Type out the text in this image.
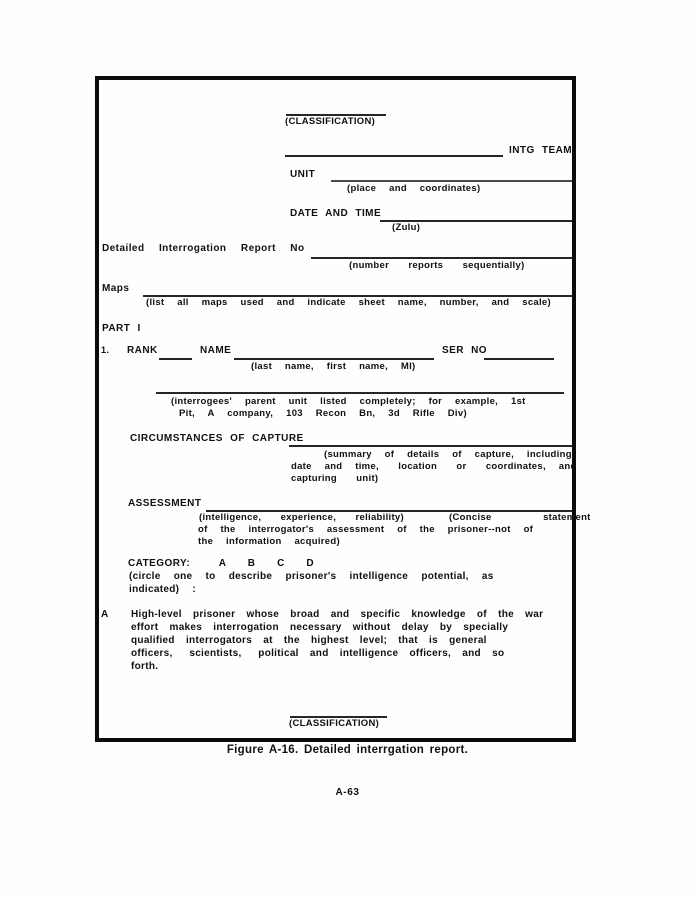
(CLASSIFICATION)
INTG TEAM
UNIT
(place  and  coordinates)
DATE AND TIME
(Zulu)
Detailed  Interrogation  Report  No
(number   reports   sequentially)
Maps
(list  all  maps  used  and  indicate  sheet  name,  number,  and  scale)
PART I
1. RANK	NAME	SER NO
(last  name,  first  name,  MI)
(interrogees'  parent  unit  listed  completely;  for  example,  1st
Pit,  A  company,  103  Recon  Bn,  3d  Rifle  Div)
CIRCUMSTANCES OF CAPTURE
(summary  of  details  of  capture,  including
date  and  time,   location   or   coordinates,  and
capturing   unit)
ASSESSMENT
(intelligence,   experience,   reliability)       (Concise        statement
of  the  interrogator's  assessment  of  the  prisoner--not  of
the  information  acquired)
CATEGORY:    A   B   C   D
(circle  one  to  describe  prisoner's  intelligence  potential,  as
indicated)  :
A High-level  prisoner  whose  broad  and  specific  knowledge  of  the  war
effort  makes  interrogation  necessary  without  delay  by  specially
qualified  interrogators  at  the  highest  level;  that  is  general
officers,   scientists,   political  and  intelligence  officers,  and  so
forth.
(CLASSIFICATION)
Figure A-16. Detailed interrgation report.
A-63
